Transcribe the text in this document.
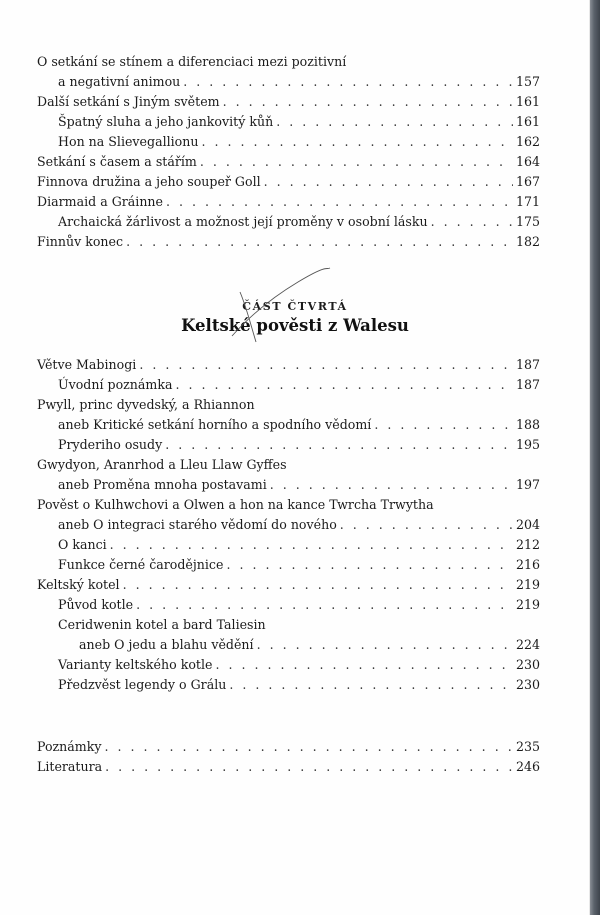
O setkání se stínem a diferenciaci mezi pozitivní
a negativní animou . . .	157
Další setkání s Jiným světem . . .	161
Špatný sluha a jeho jankovitý kůň . . .	161
Hon na Slievegallionu . . .	162
Setkání s časem a stářím . . .	164
Finnova družina a jeho soupeř Goll . . .	167
Diarmaid a Gráinne . . .	171
Archaická žárlivost a možnost její proměny v osobní lásku . . .	175
Finnův konec . . .	182
ČÁST ČTVRTÁ
Keltské pověsti z Walesu
Větve Mabinogi . . .	187
Úvodní poznámka . . .	187
Pwyll, princ dyvedský, a Rhiannon
aneb Kritické setkání horního a spodního vědomí . . .	188
Pryderiho osudy . . .	195
Gwydyon, Aranrhod a Lleu Llaw Gyffes
aneb Proměna mnoha postavami . . .	197
Pověst o Kulhwchovi a Olwen a hon na kance Twrcha Trwytha
aneb O integraci starého vědomí do nového . . .	204
O kanci . . .	212
Funkce černé čarodějnice . . .	216
Keltský kotel . . .	219
Původ kotle . . .	219
Ceridwenin kotel a bard Taliesin
aneb O jedu a blahu vědění . . .	224
Varianty keltského kotle . . .	230
Předzvěst legendy o Grálu . . .	230
Poznámky . . .	235
Literatura . . .	246
